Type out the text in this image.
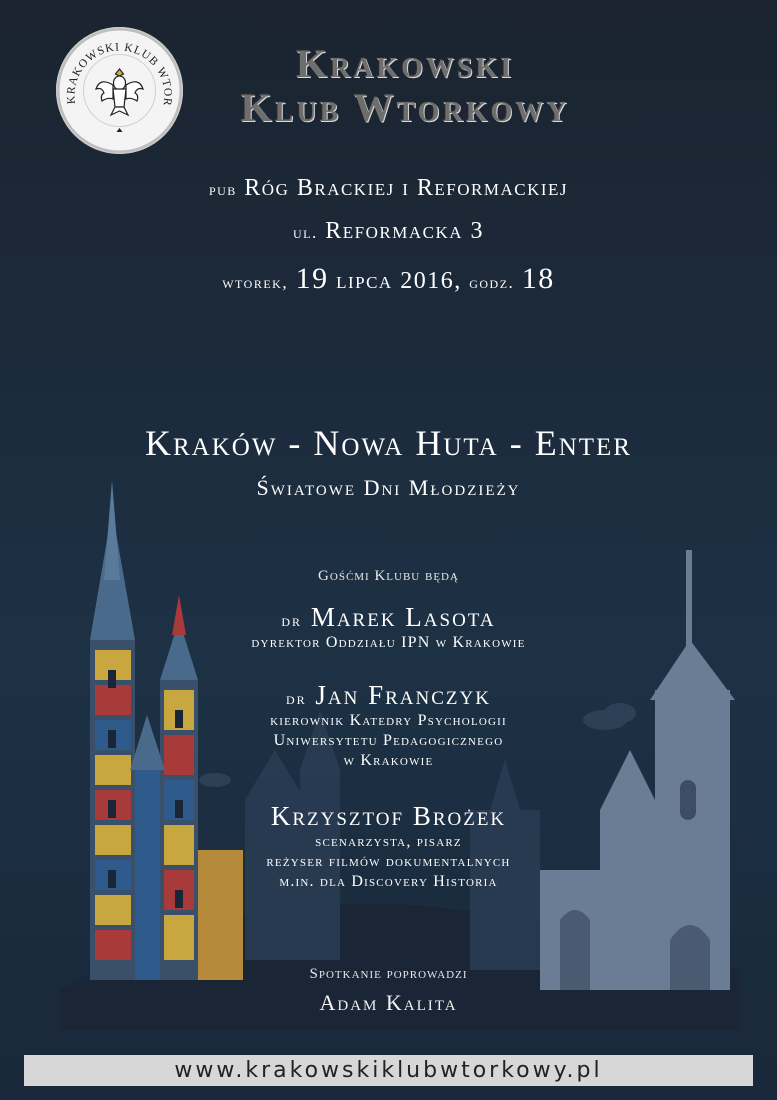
KRAKOWSKI KLUB WTOR
Krakowski
Klub Wtorkowy
pub Róg Brackiej i Reformackiej
ul. Reformacka 3
wtorek, 19 lipca 2016, godz. 18
Kraków - Nowa Huta - Enter
Światowe Dni Młodzieży
Gośćmi Klubu będą
dr Marek Lasota
dyrektor Oddziału IPN w Krakowie
dr Jan Franczyk
kierownik Katedry Psychologii
Uniwersytetu Pedagogicznego
w Krakowie
Krzysztof Brożek
scenarzysta, pisarz
reżyser filmów dokumentalnych
m.in. dla Discovery Historia
Spotkanie poprowadzi
Adam Kalita
www.krakowskiklubwtorkowy.pl
